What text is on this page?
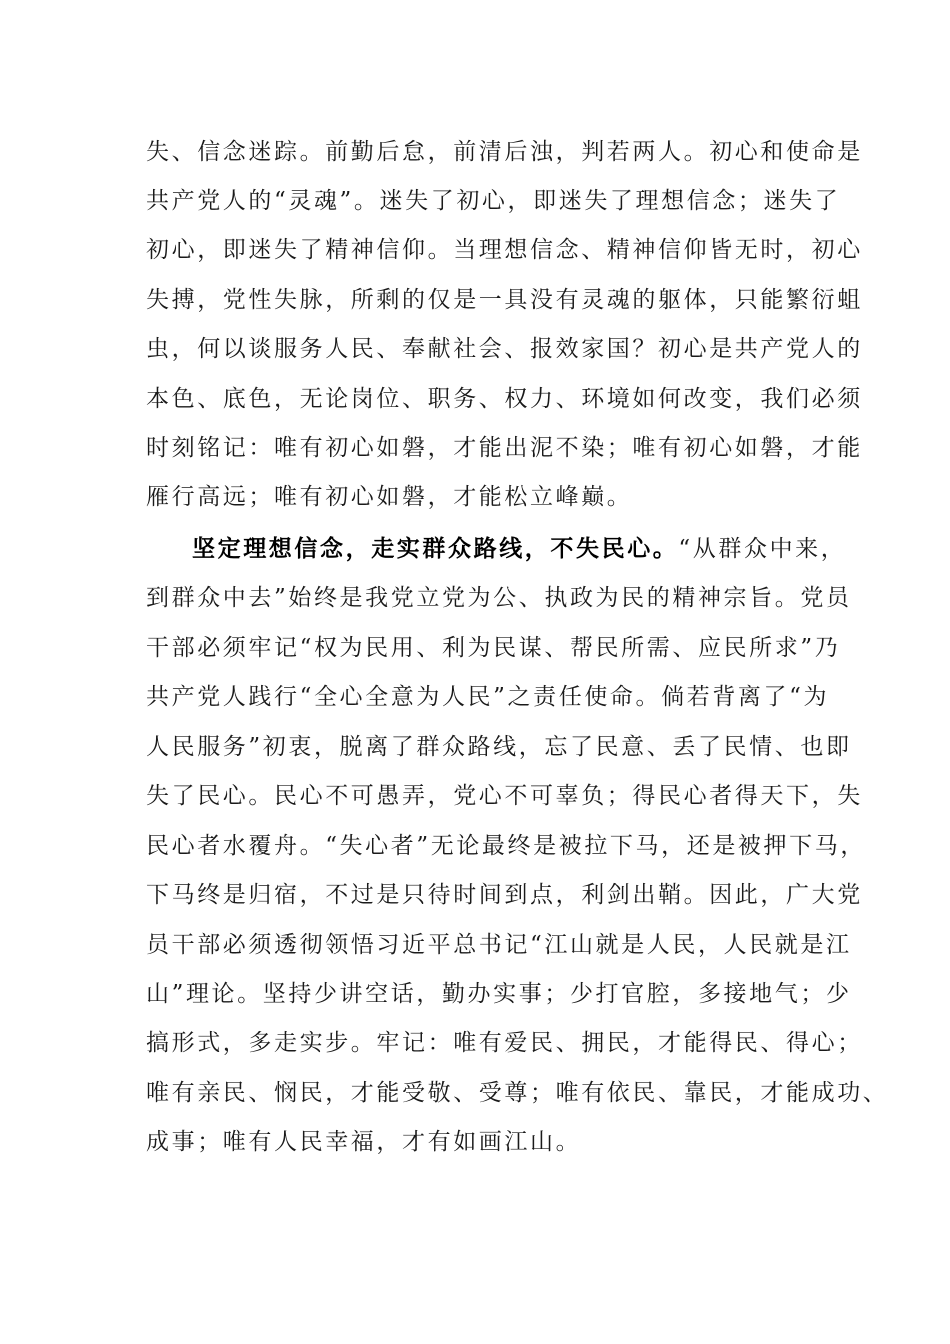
失、信念迷踪。前勤后怠，前清后浊，判若两人。初心和使命是
共产党人的“灵魂”。迷失了初心，即迷失了理想信念；迷失了
初心，即迷失了精神信仰。当理想信念、精神信仰皆无时，初心
失搏，党性失脉，所剩的仅是一具没有灵魂的躯体，只能繁衍蛆
虫，何以谈服务人民、奉献社会、报效家国？初心是共产党人的
本色、底色，无论岗位、职务、权力、环境如何改变，我们必须
时刻铭记：唯有初心如磐，才能出泥不染；唯有初心如磐，才能
雁行高远；唯有初心如磐，才能松立峰巅。
坚定理想信念，走实群众路线，不失民心。“从群众中来，
到群众中去”始终是我党立党为公、执政为民的精神宗旨。党员
干部必须牢记“权为民用、利为民谋、帮民所需、应民所求”乃
共产党人践行“全心全意为人民”之责任使命。倘若背离了“为
人民服务”初衷，脱离了群众路线，忘了民意、丢了民情、也即
失了民心。民心不可愚弄，党心不可辜负；得民心者得天下，失
民心者水覆舟。“失心者”无论最终是被拉下马，还是被押下马，
下马终是归宿，不过是只待时间到点，利剑出鞘。因此，广大党
员干部必须透彻领悟习近平总书记“江山就是人民，人民就是江
山”理论。坚持少讲空话，勤办实事；少打官腔，多接地气；少
搞形式，多走实步。牢记：唯有爱民、拥民，才能得民、得心；
唯有亲民、悯民，才能受敬、受尊；唯有依民、靠民，才能成功、
成事；唯有人民幸福，才有如画江山。
